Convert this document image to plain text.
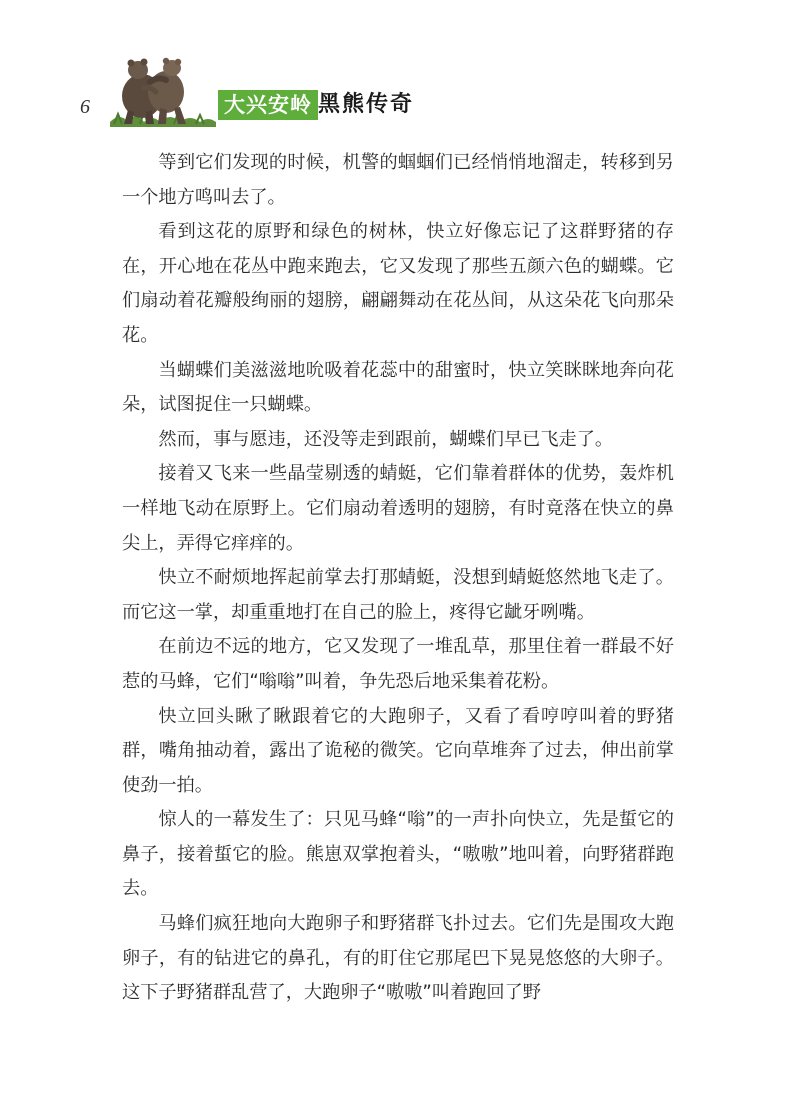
6	大兴安岭 黑熊传奇

等到它们发现的时候，机警的蝈蝈们已经悄悄地溜走，转移到另一个地方鸣叫去了。

看到这花的原野和绿色的树林，快立好像忘记了这群野猪的存在，开心地在花丛中跑来跑去，它又发现了那些五颜六色的蝴蝶。它们扇动着花瓣般绚丽的翅膀，翩翩舞动在花丛间，从这朵花飞向那朵花。

当蝴蝶们美滋滋地吮吸着花蕊中的甜蜜时，快立笑眯眯地奔向花朵，试图捉住一只蝴蝶。

然而，事与愿违，还没等走到跟前，蝴蝶们早已飞走了。

接着又飞来一些晶莹剔透的蜻蜓，它们靠着群体的优势，轰炸机一样地飞动在原野上。它们扇动着透明的翅膀，有时竟落在快立的鼻尖上，弄得它痒痒的。

快立不耐烦地挥起前掌去打那蜻蜓，没想到蜻蜓悠然地飞走了。而它这一掌，却重重地打在自己的脸上，疼得它龇牙咧嘴。

在前边不远的地方，它又发现了一堆乱草，那里住着一群最不好惹的马蜂，它们“嗡嗡”叫着，争先恐后地采集着花粉。

快立回头瞅了瞅跟着它的大跑卵子，又看了看哼哼叫着的野猪群，嘴角抽动着，露出了诡秘的微笑。它向草堆奔了过去，伸出前掌使劲一拍。

惊人的一幕发生了：只见马蜂“嗡”的一声扑向快立，先是蜇它的鼻子，接着蜇它的脸。熊崽双掌抱着头，“嗷嗷”地叫着，向野猪群跑去。

马蜂们疯狂地向大跑卵子和野猪群飞扑过去。它们先是围攻大跑卵子，有的钻进它的鼻孔，有的盯住它那尾巴下晃晃悠悠的大卵子。这下子野猪群乱营了，大跑卵子“嗷嗷”叫着跑回了野
